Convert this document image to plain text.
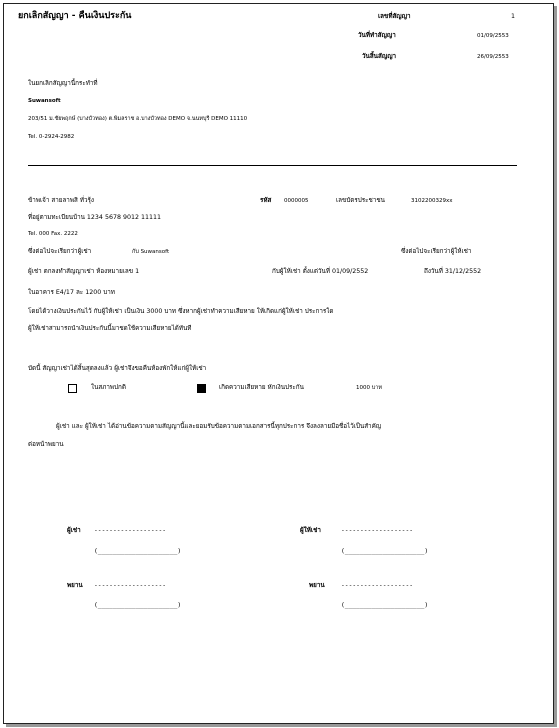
ยกเลิกสัญญา - คืนเงินประกัน	เลขที่สัญญา	1
วันที่ทำสัญญา	01/09/2553
วันสิ้นสัญญา	26/09/2553
ในยกเลิกสัญญานี้กระทำที่
Suwansoft
203/51 ม.ชัยพฤกษ์ (บางบัวทอง) ต.พิมลราช อ.บางบัวทอง DEMO จ.นนทบุรี DEMO 11110
Tel. 0-2924-2982
ข้าพเจ้า สายลาพสิ ทั่วรุ้ง	รหัส 0000005	เลขบัตรประชาชน	3102200329xx
ที่อยู่ตามทะเบียนบ้าน 1234 5678 9012 11111
Tel. 000 Fax. 2222
ซึ่งต่อไปจะเรียกว่าผู้เช่า	กับ Suwansoft	ซึ่งต่อไปจะเรียกว่าผู้ให้เช่า
ผู้เช่า ตกลงทำสัญญาเช่า ห้องหมายเลข 1	กับผู้ให้เช่า ตั้งแต่วันที่ 01/09/2552	ถึงวันที่ 31/12/2552
ในอาคาร E4/17 ละ 1200 บาท
โดยได้วางเงินประกันไว้ กับผู้ให้เช่า เป็นเงิน 3000 บาท ซึ่งหากผู้เช่าทำความเสียหาย ให้เกิดแก่ผู้ให้เช่า ประการใด
ผู้ให้เช่าสามารถนำเงินประกันนี้มาชดใช้ความเสียหายได้ทันที
บัดนี้ สัญญาเช่าได้สิ้นสุดลงแล้ว ผู้เช่าจึงขอคืนห้องพักให้แก่ผู้ให้เช่า
ในสภาพปกติ	เกิดความเสียหาย หักเงินประกัน	1000 บาท
ผู้เช่า และ ผู้ให้เช่า ได้อ่านข้อความตามสัญญานี้และยอมรับข้อความตามเอกสารนี้ทุกประการ จึงลงลายมือชื่อไว้เป็นสำคัญ
ต่อหน้าพยาน
ผู้เช่า -------------------
(_____________________)
ผู้ให้เช่า	-------------------
(_____________________)
พยาน -------------------
(_____________________)
พยาน	-------------------
(_____________________)
